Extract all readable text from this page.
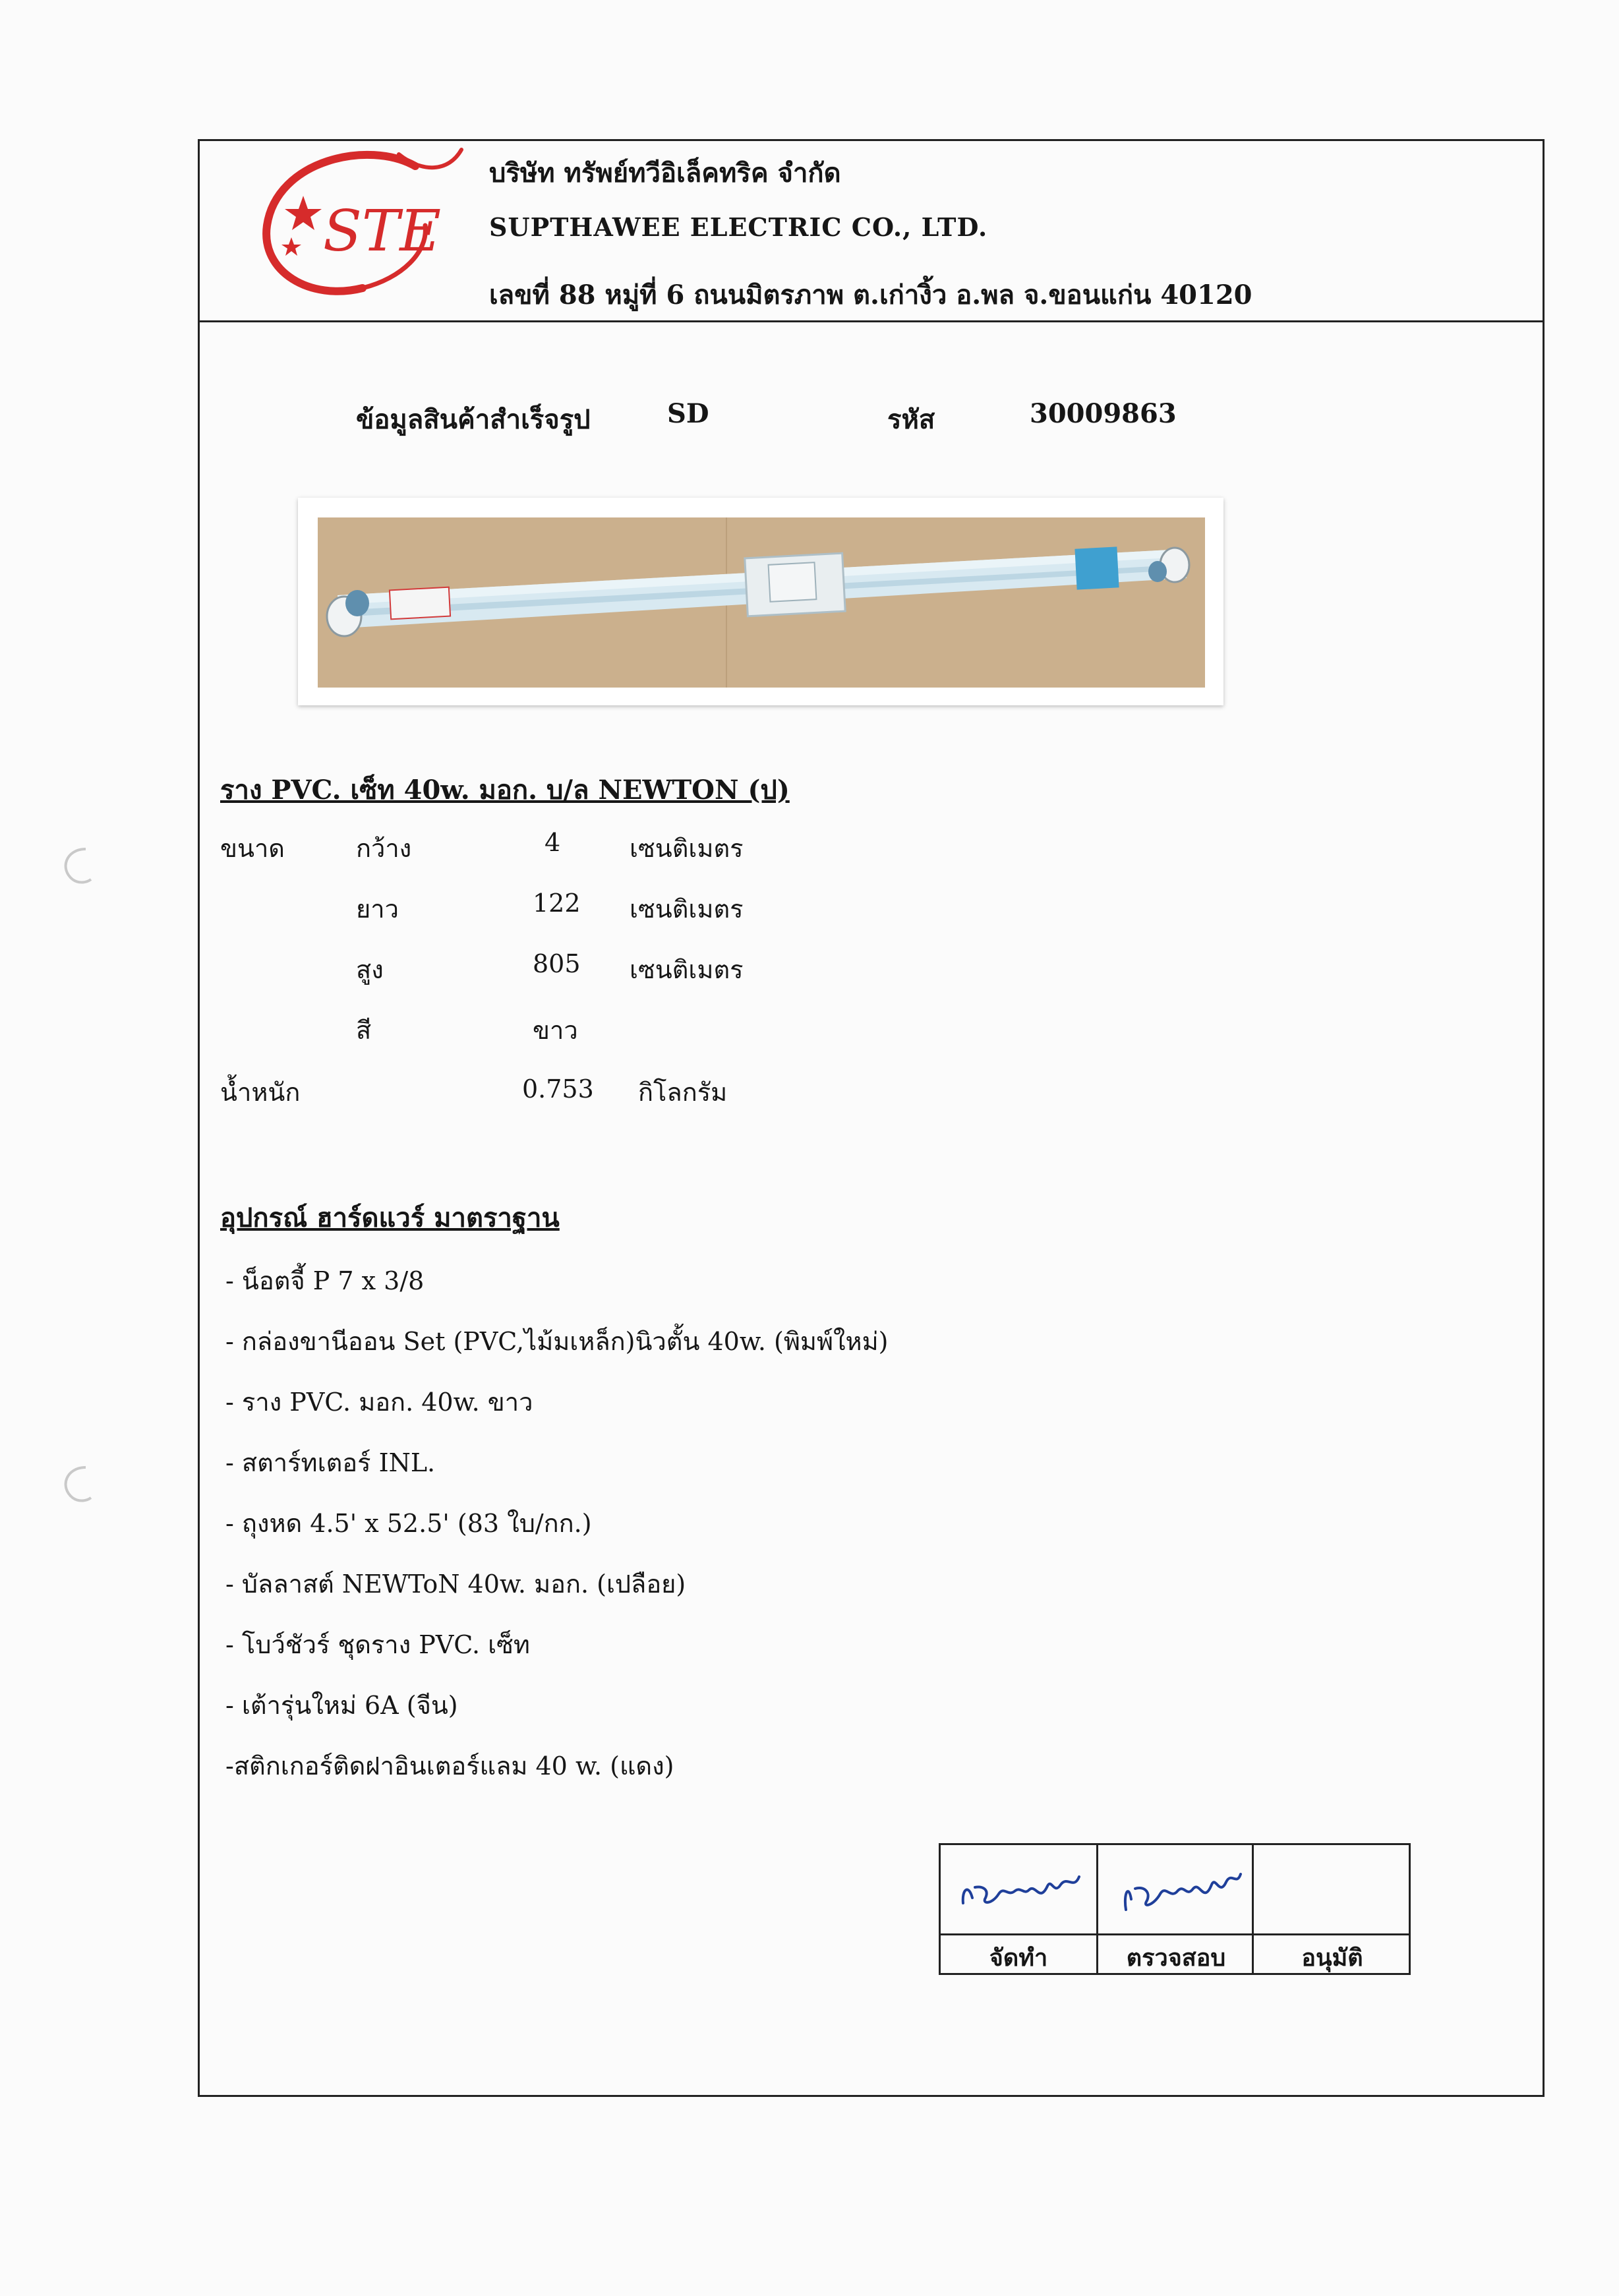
STE
บริษัท ทรัพย์ทวีอิเล็คทริค จำกัด
SUPTHAWEE ELECTRIC CO., LTD.
เลขที่ 88 หมู่ที่ 6 ถนนมิตรภาพ ต.เก่างิ้ว อ.พล จ.ขอนแก่น 40120
ข้อมูลสินค้าสำเร็จรูป	SD	รหัส	30009863
ราง PVC. เซ็ท 40w. มอก. บ/ล NEWTON (ป)
ขนาด	กว้าง	4	เซนติเมตร
ยาว	122 เซนติเมตร
สูง	805 เซนติเมตร
สี	ขาว
น้ำหนัก	0.753 กิโลกรัม
อุปกรณ์ ฮาร์ดแวร์ มาตราฐาน
- น็อตจี้ P 7 x 3/8
- กล่องขานีออน Set (PVC,ไม้มเหล็ก)นิวตั้น 40w. (พิมพ์ใหม่)
- ราง PVC. มอก. 40w. ขาว
- สตาร์ทเตอร์ INL.
- ถุงหด 4.5' x 52.5' (83 ใบ/กก.)
- บัลลาสต์ NEWToN 40w. มอก. (เปลือย)
- โบว์ชัวร์ ชุดราง PVC. เซ็ท
- เต้ารุ่นใหม่ 6A (จีน)
-สติกเกอร์ติดฝาอินเตอร์แลม 40 w. (แดง)
จัดทำ	ตรวจสอบ	อนุมัติ
